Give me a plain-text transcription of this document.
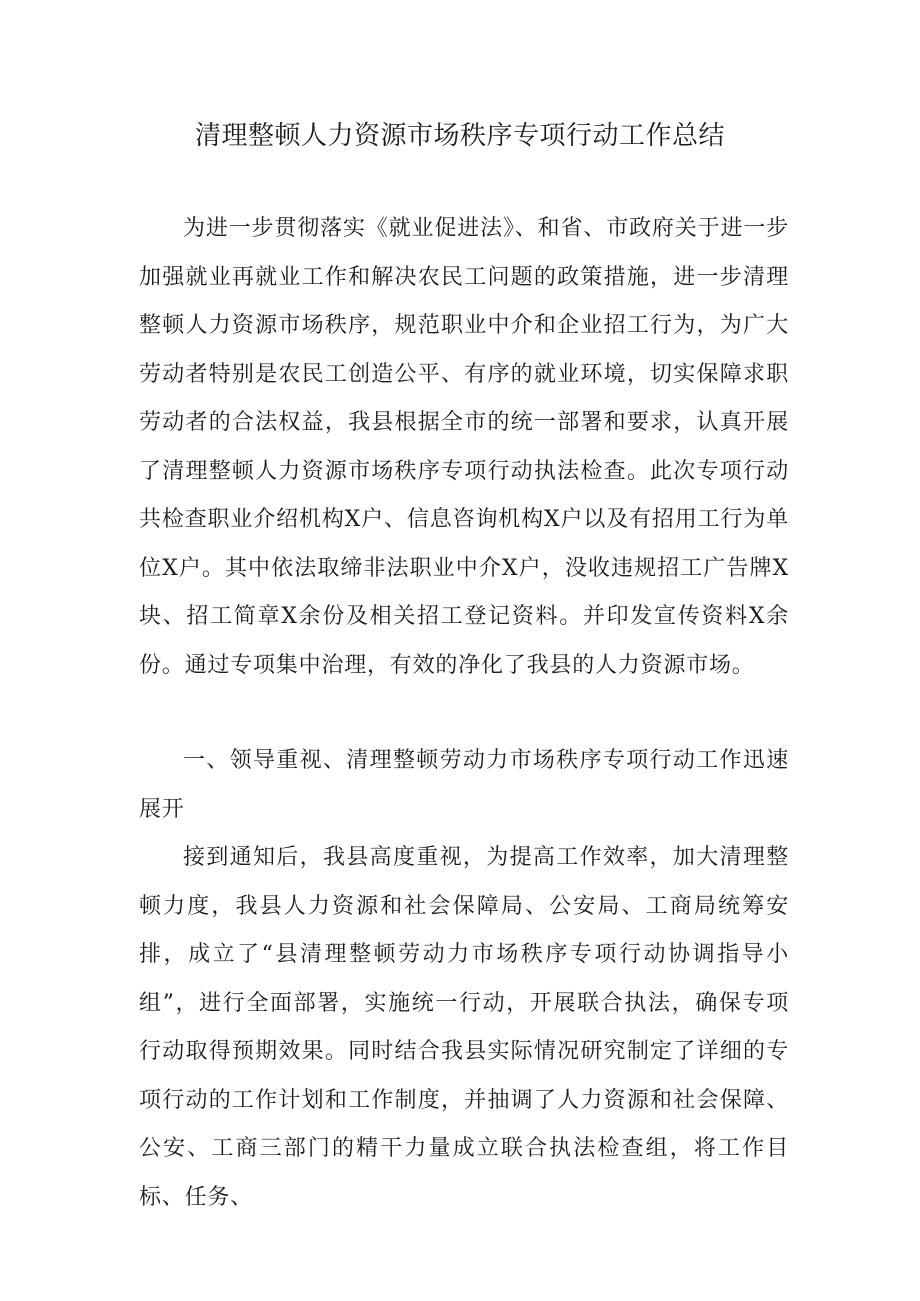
清理整顿人力资源市场秩序专项行动工作总结

为进一步贯彻落实《就业促进法》、和省、市政府关于进一步加强就业再就业工作和解决农民工问题的政策措施，进一步清理整顿人力资源市场秩序，规范职业中介和企业招工行为，为广大劳动者特别是农民工创造公平、有序的就业环境，切实保障求职劳动者的合法权益，我县根据全市的统一部署和要求，认真开展了清理整顿人力资源市场秩序专项行动执法检查。此次专项行动共检查职业介绍机构X户、信息咨询机构X户以及有招用工行为单位X户。其中依法取缔非法职业中介X户，没收违规招工广告牌X块、招工简章X余份及相关招工登记资料。并印发宣传资料X余份。通过专项集中治理，有效的净化了我县的人力资源市场。

一、领导重视、清理整顿劳动力市场秩序专项行动工作迅速展开

接到通知后，我县高度重视，为提高工作效率，加大清理整顿力度，我县人力资源和社会保障局、公安局、工商局统筹安排，成立了“县清理整顿劳动力市场秩序专项行动协调指导小组”，进行全面部署，实施统一行动，开展联合执法，确保专项行动取得预期效果。同时结合我县实际情况研究制定了详细的专项行动的工作计划和工作制度，并抽调了人力资源和社会保障、公安、工商三部门的精干力量成立联合执法检查组，将工作目标、任务、
